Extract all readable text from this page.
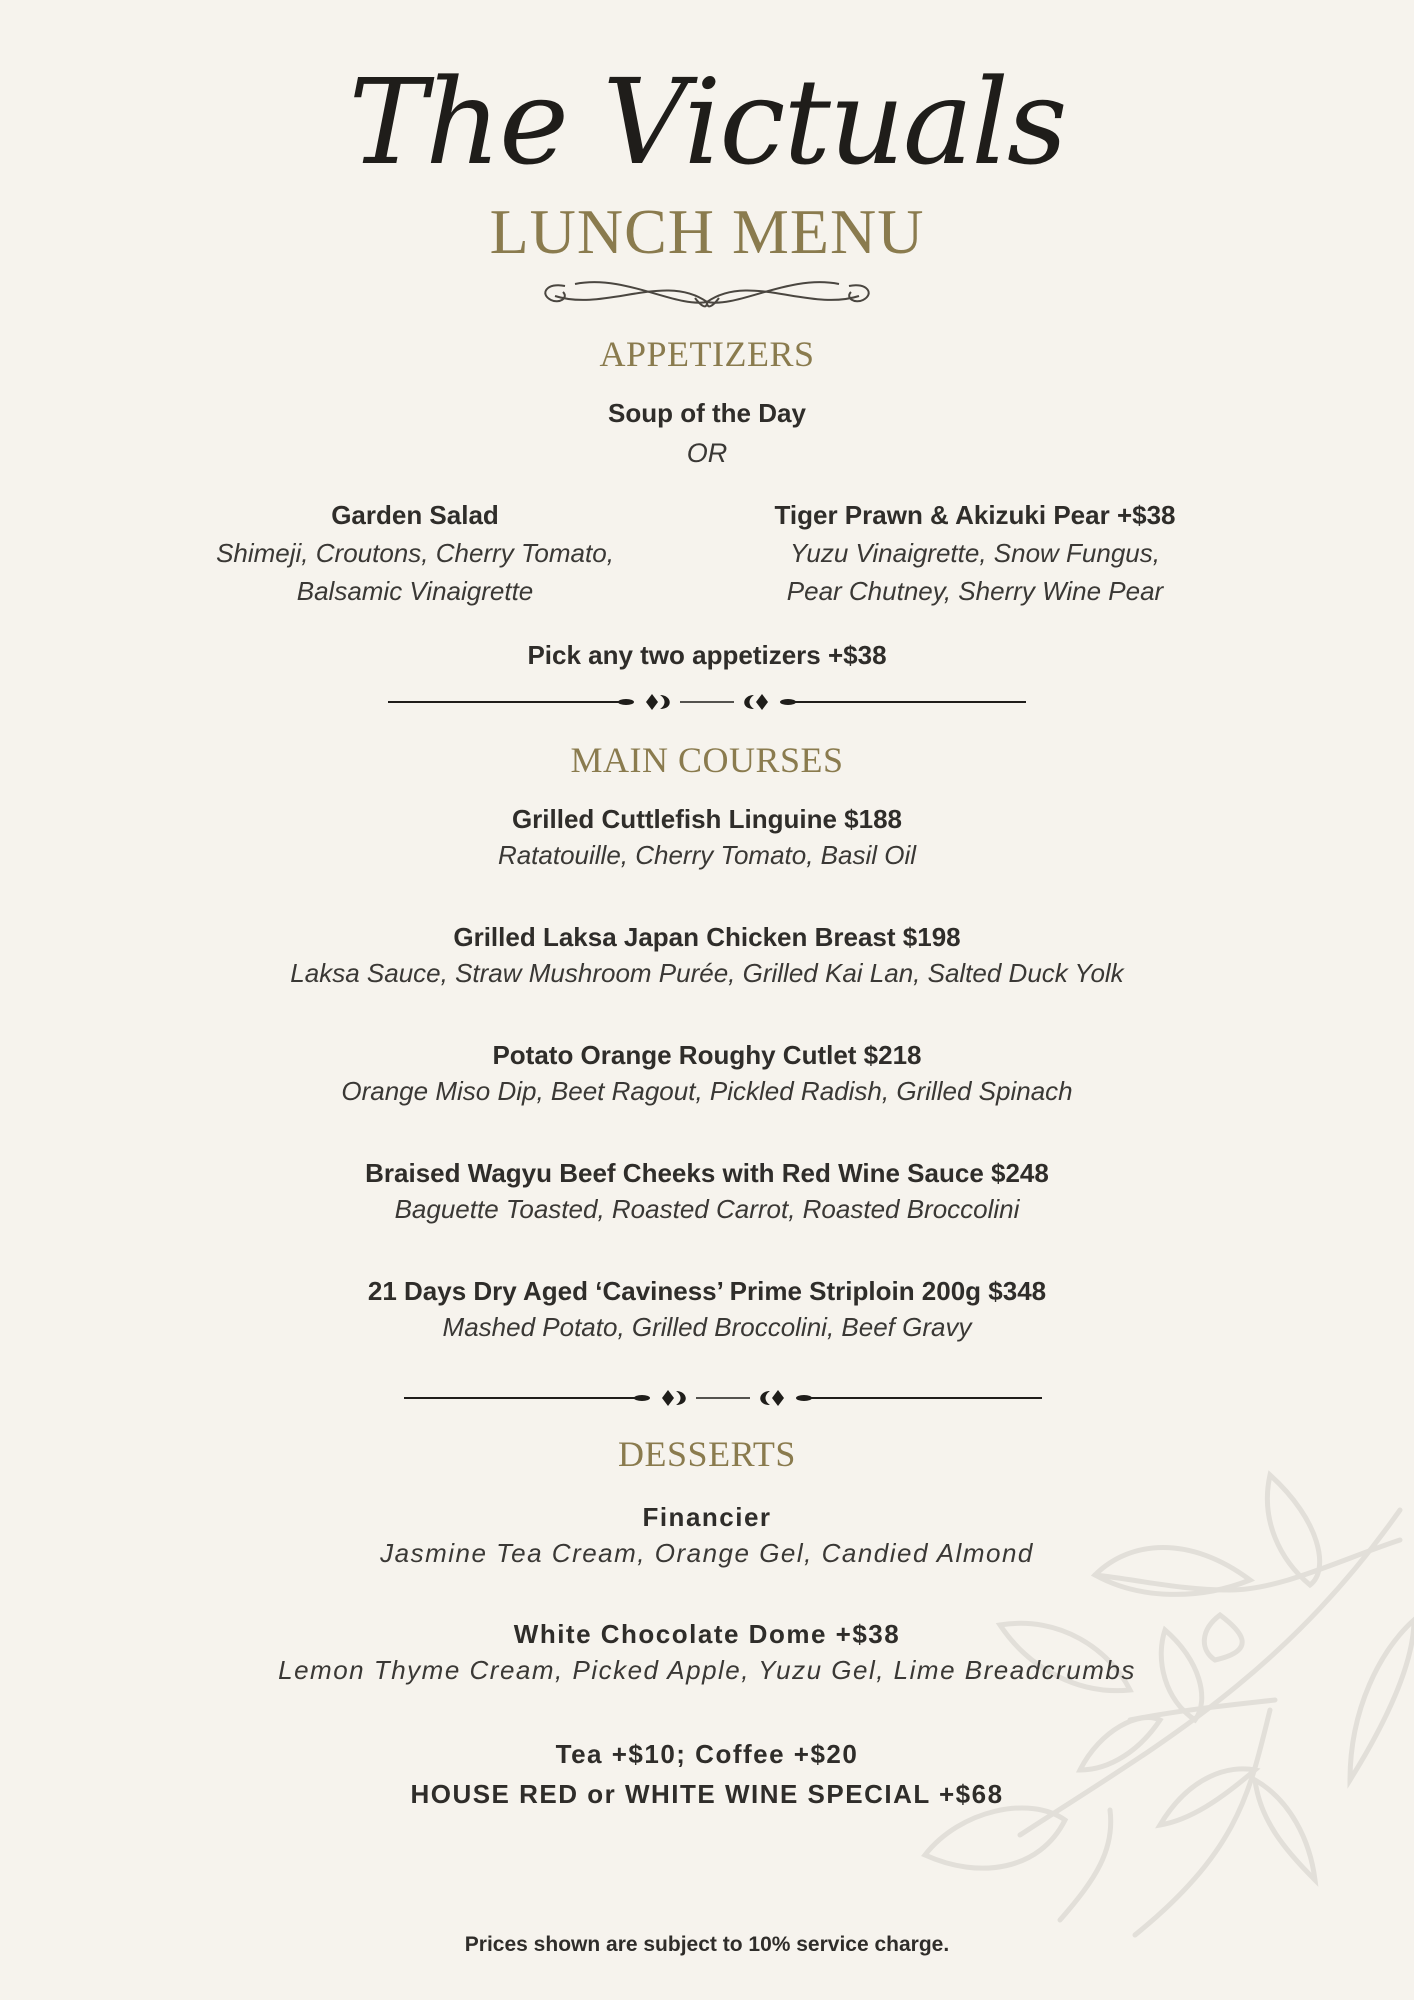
The Victuals
LUNCH MENU
APPETIZERS
Soup of the Day
OR
Garden Salad
Shimeji, Croutons, Cherry Tomato,
Balsamic Vinaigrette
Tiger Prawn & Akizuki Pear +$38
Yuzu Vinaigrette, Snow Fungus,
Pear Chutney, Sherry Wine Pear
Pick any two appetizers +$38
MAIN COURSES
Grilled Cuttlefish Linguine $188
Ratatouille, Cherry Tomato, Basil Oil
Grilled Laksa Japan Chicken Breast $198
Laksa Sauce, Straw Mushroom Purée, Grilled Kai Lan, Salted Duck Yolk
Potato Orange Roughy Cutlet $218
Orange Miso Dip, Beet Ragout, Pickled Radish, Grilled Spinach
Braised Wagyu Beef Cheeks with Red Wine Sauce $248
Baguette Toasted, Roasted Carrot, Roasted Broccolini
21 Days Dry Aged ‘Caviness’ Prime Striploin 200g $348
Mashed Potato, Grilled Broccolini, Beef Gravy
DESSERTS
Financier
Jasmine Tea Cream, Orange Gel, Candied Almond
White Chocolate Dome +$38
Lemon Thyme Cream, Picked Apple, Yuzu Gel, Lime Breadcrumbs
Tea +$10; Coffee +$20
HOUSE RED or WHITE WINE SPECIAL +$68
Prices shown are subject to 10% service charge.
